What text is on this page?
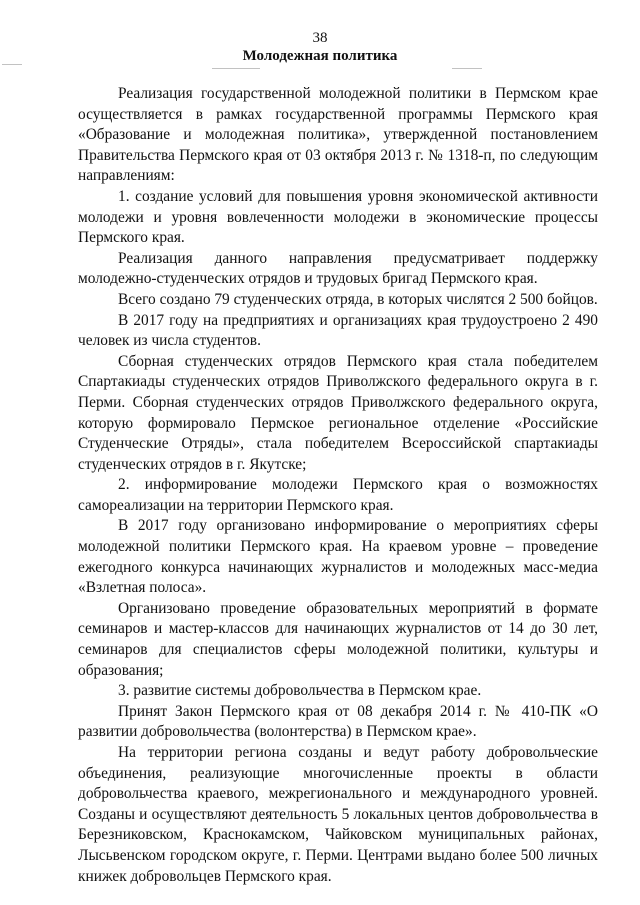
38
Молодежная политика

Реализация государственной молодежной политики в Пермском крае осуществляется в рамках государственной программы Пермского края «Образование и молодежная политика», утвержденной постановлением Правительства Пермского края от 03 октября 2013 г. № 1318-п, по следующим направлениям:

1. создание условий для повышения уровня экономической активности молодежи и уровня вовлеченности молодежи в экономические процессы Пермского края.

Реализация данного направления предусматривает поддержку молодежно-студенческих отрядов и трудовых бригад Пермского края.

Всего создано 79 студенческих отряда, в которых числятся 2 500 бойцов.

В 2017 году на предприятиях и организациях края трудоустроено 2 490 человек из числа студентов.

Сборная студенческих отрядов Пермского края стала победителем Спартакиады студенческих отрядов Приволжского федерального округа в г. Перми. Сборная студенческих отрядов Приволжского федерального округа, которую формировало Пермское региональное отделение «Российские Студенческие Отряды», стала победителем Всероссийской спартакиады студенческих отрядов в г. Якутске;

2. информирование молодежи Пермского края о возможностях самореализации на территории Пермского края.

В 2017 году организовано информирование о мероприятиях сферы молодежной политики Пермского края. На краевом уровне – проведение ежегодного конкурса начинающих журналистов и молодежных масс-медиа «Взлетная полоса».

Организовано проведение образовательных мероприятий в формате семинаров и мастер-классов для начинающих журналистов от 14 до 30 лет, семинаров для специалистов сферы молодежной политики, культуры и образования;

3. развитие системы добровольчества в Пермском крае.

Принят Закон Пермского края от 08 декабря 2014 г. № 410-ПК «О развитии добровольчества (волонтерства) в Пермском крае».

На территории региона созданы и ведут работу добровольческие объединения, реализующие многочисленные проекты в области добровольчества краевого, межрегионального и международного уровней. Созданы и осуществляют деятельность 5 локальных центов добровольчества в Березниковском, Краснокамском, Чайковском муниципальных районах, Лысьвенском городском округе, г. Перми. Центрами выдано более 500 личных книжек добровольцев Пермского края.
